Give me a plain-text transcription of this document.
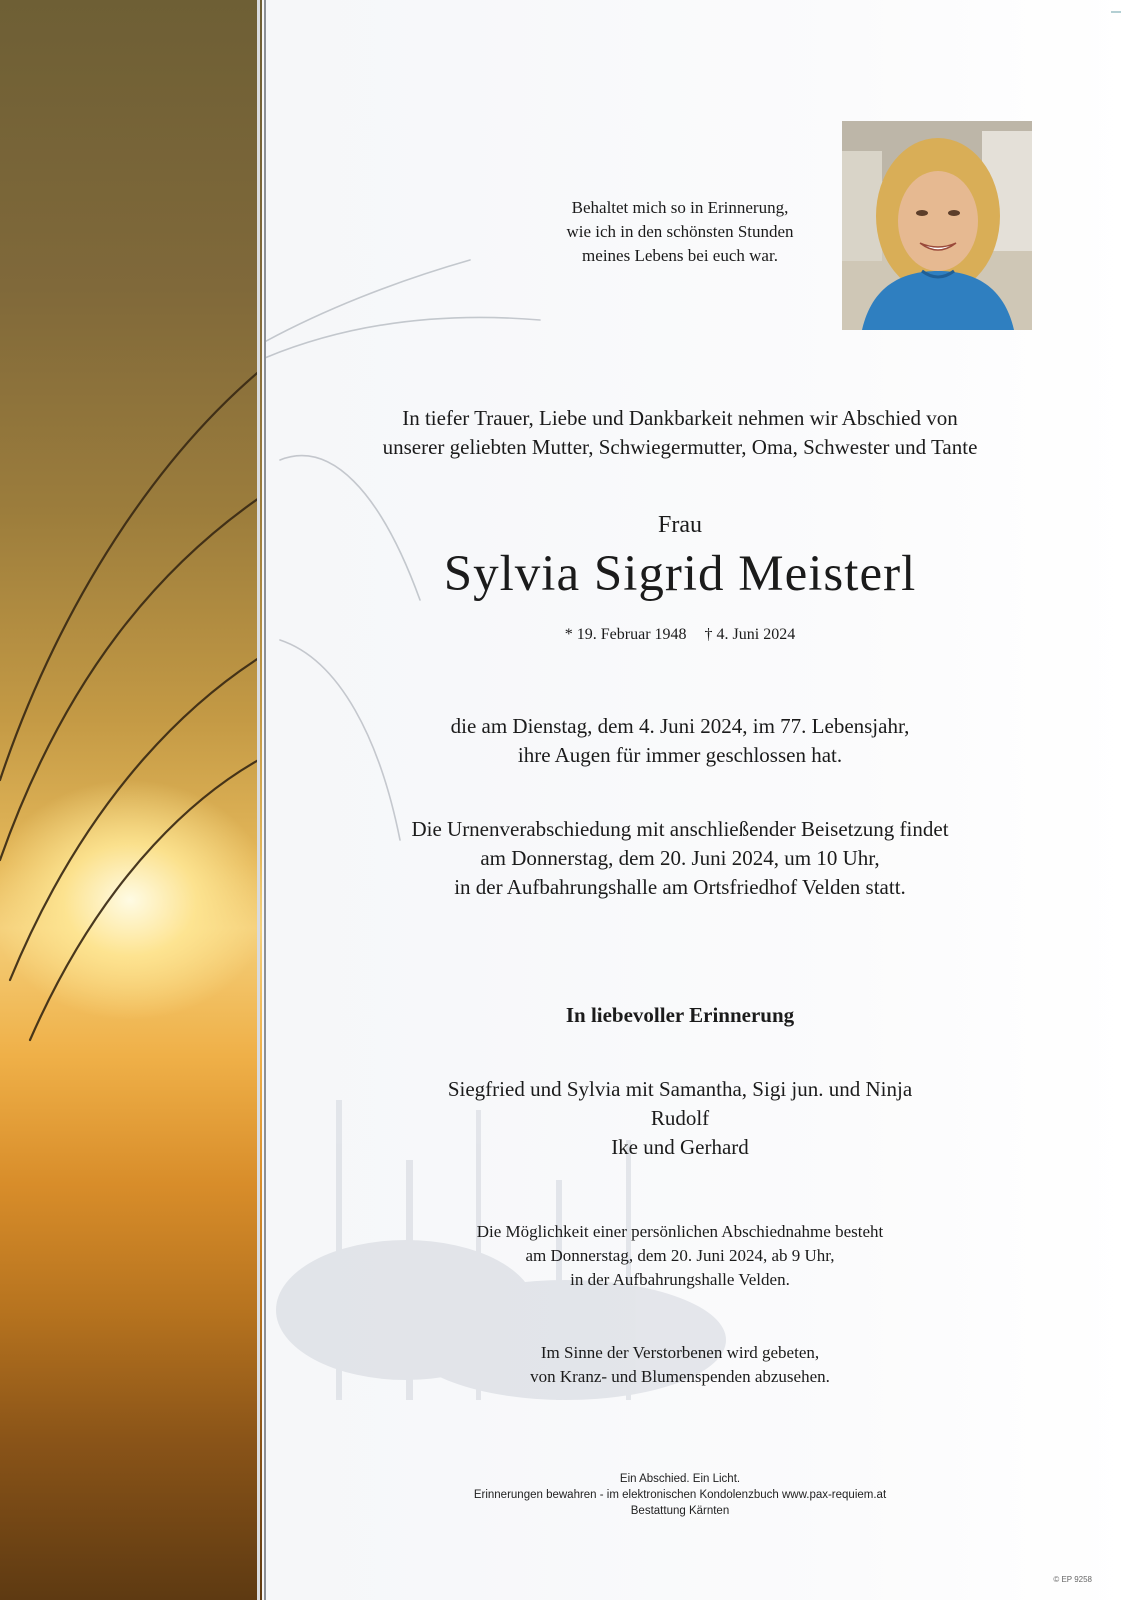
Behaltet mich so in Erinnerung,
wie ich in den schönsten Stunden
meines Lebens bei euch war.
In tiefer Trauer, Liebe und Dankbarkeit nehmen wir Abschied von
unserer geliebten Mutter, Schwiegermutter, Oma, Schwester und Tante
Frau
Sylvia Sigrid Meisterl
* 19. Februar 1948 † 4. Juni 2024
die am Dienstag, dem 4. Juni 2024, im 77. Lebensjahr,
ihre Augen für immer geschlossen hat.
Die Urnenverabschiedung mit anschließender Beisetzung findet
am Donnerstag, dem 20. Juni 2024, um 10 Uhr,
in der Aufbahrungshalle am Ortsfriedhof Velden statt.
In liebevoller Erinnerung
Siegfried und Sylvia mit Samantha, Sigi jun. und Ninja
Rudolf
Ike und Gerhard
Die Möglichkeit einer persönlichen Abschiednahme besteht
am Donnerstag, dem 20. Juni 2024, ab 9 Uhr,
in der Aufbahrungshalle Velden.
Im Sinne der Verstorbenen wird gebeten,
von Kranz- und Blumenspenden abzusehen.
Ein Abschied. Ein Licht.
Erinnerungen bewahren - im elektronischen Kondolenzbuch www.pax-requiem.at
Bestattung Kärnten
© EP 9258
